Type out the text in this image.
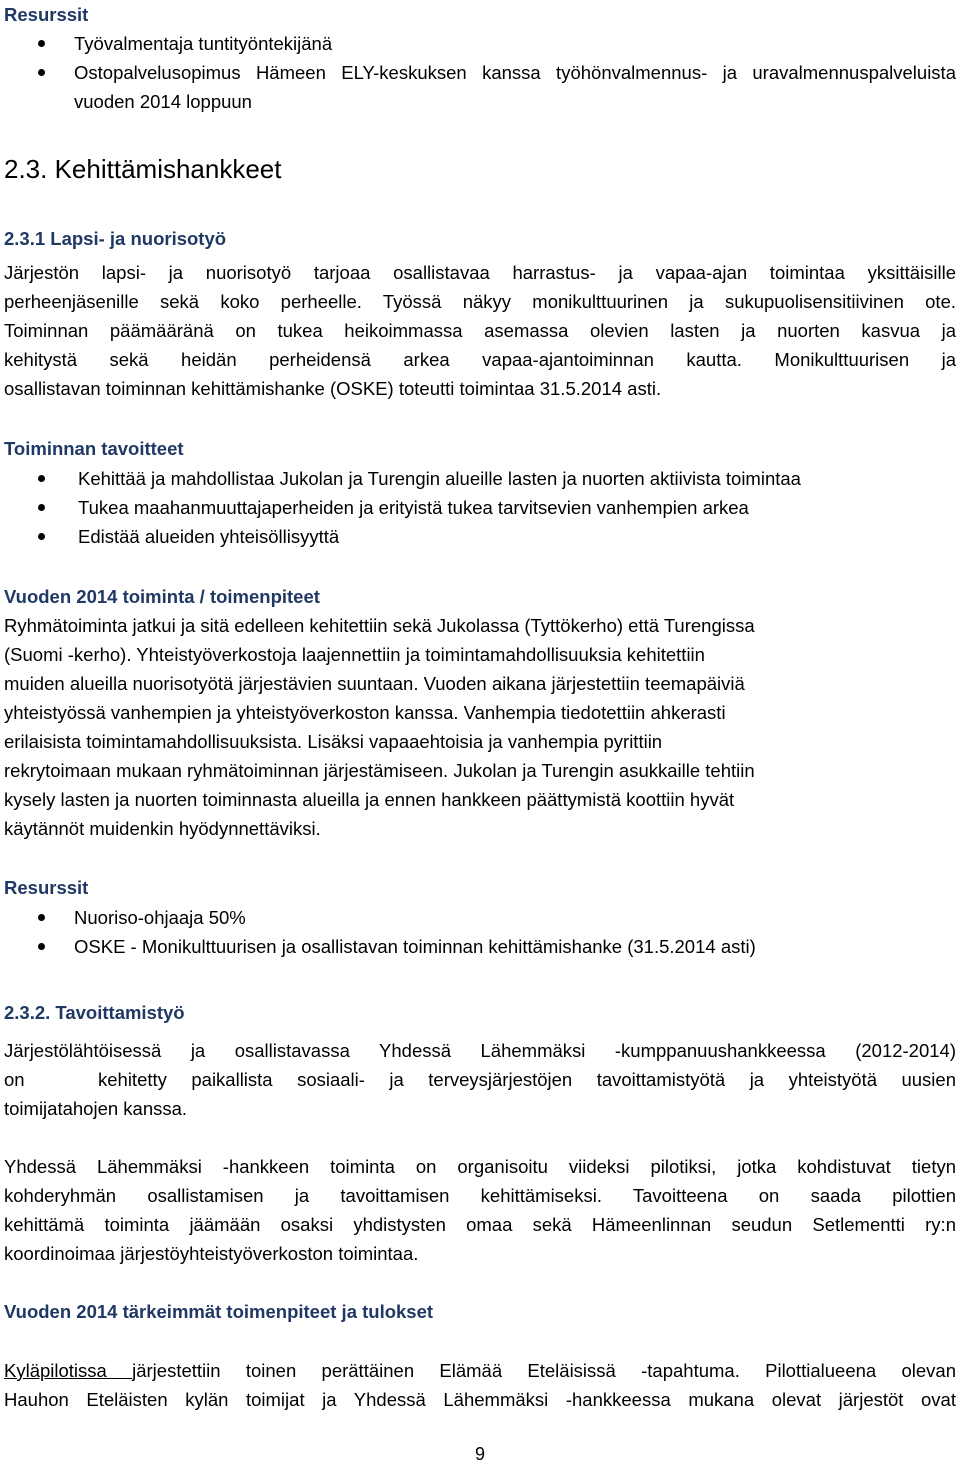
Resurssit
Työvalmentaja tuntityöntekijänä
Ostopalvelusopimus Hämeen ELY-keskuksen kanssa työhönvalmennus- ja uravalmennuspalveluista vuoden 2014 loppuun
2.3. Kehittämishankkeet
2.3.1 Lapsi- ja nuorisotyö
Järjestön lapsi- ja nuorisotyö tarjoaa osallistavaa harrastus- ja vapaa-ajan toimintaa yksittäisille
perheenjäsenille sekä koko perheelle. Työssä näkyy monikulttuurinen ja sukupuolisensitiivinen ote.
Toiminnan päämääränä on tukea heikoimmassa asemassa olevien lasten ja nuorten kasvua ja
kehitystä sekä heidän perheidensä arkea vapaa-ajantoiminnan kautta. Monikulttuurisen ja
osallistavan toiminnan kehittämishanke (OSKE) toteutti toimintaa 31.5.2014 asti.
Toiminnan tavoitteet
Kehittää ja mahdollistaa Jukolan ja Turengin alueille lasten ja nuorten aktiivista toimintaa
Tukea maahanmuuttajaperheiden ja erityistä tukea tarvitsevien vanhempien arkea
Edistää alueiden yhteisöllisyyttä
Vuoden 2014 toiminta / toimenpiteet
Ryhmätoiminta jatkui ja sitä edelleen kehitettiin sekä Jukolassa (Tyttökerho) että Turengissa
(Suomi -kerho). Yhteistyöverkostoja laajennettiin ja toimintamahdollisuuksia kehitettiin
muiden alueilla nuorisotyötä järjestävien suuntaan. Vuoden aikana järjestettiin teemapäiviä
yhteistyössä vanhempien ja yhteistyöverkoston kanssa. Vanhempia tiedotettiin ahkerasti
erilaisista toimintamahdollisuuksista. Lisäksi vapaaehtoisia ja vanhempia pyrittiin
rekrytoimaan mukaan ryhmätoiminnan järjestämiseen. Jukolan ja Turengin asukkaille tehtiin
kysely lasten ja nuorten toiminnasta alueilla ja ennen hankkeen päättymistä koottiin hyvät
käytännöt muidenkin hyödynnettäviksi.
Resurssit
Nuoriso-ohjaaja 50%
OSKE - Monikulttuurisen ja osallistavan toiminnan kehittämishanke (31.5.2014 asti)
2.3.2. Tavoittamistyö
Järjestölähtöisessä ja osallistavassa Yhdessä Lähemmäksi -kumppanuushankkeessa (2012-2014)
on   kehitetty paikallista sosiaali- ja terveysjärjestöjen tavoittamistyötä ja yhteistyötä uusien
toimijatahojen kanssa.
Yhdessä Lähemmäksi -hankkeen toiminta on organisoitu viideksi pilotiksi, jotka kohdistuvat tietyn
kohderyhmän osallistamisen ja tavoittamisen kehittämiseksi. Tavoitteena on saada pilottien
kehittämä toiminta jäämään osaksi yhdistysten omaa sekä Hämeenlinnan seudun Setlementti ry:n
koordinoimaa järjestöyhteistyöverkoston toimintaa.
Vuoden 2014 tärkeimmät toimenpiteet ja tulokset
Kyläpilotissa järjestettiin toinen perättäinen Elämää Eteläisissä -tapahtuma. Pilottialueena olevan
Hauhon Eteläisten kylän toimijat ja Yhdessä Lähemmäksi -hankkeessa mukana olevat järjestöt ovat
9
